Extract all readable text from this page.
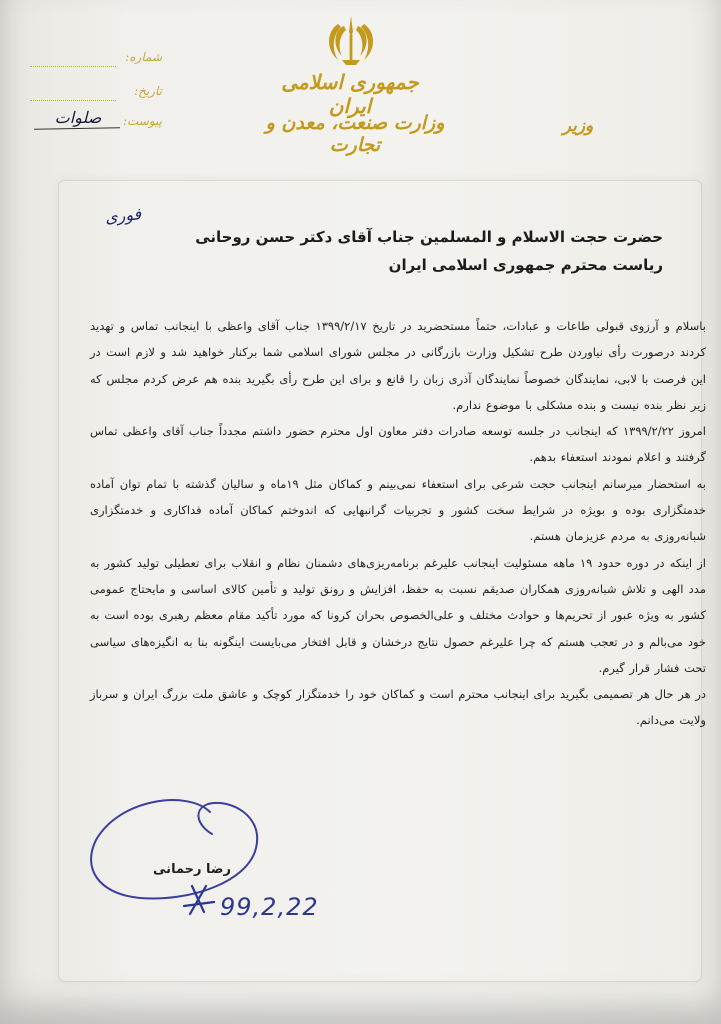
جمهوری اسلامی ایران
وزارت صنعت، معدن و تجارت
وزیر
شماره:
تاریخ:
پیوست:
صلوات
فوری
حضرت حجت الاسلام و المسلمین جناب آقای دکتر حسن روحانی
ریاست محترم جمهوری اسلامی ایران

باسلام و آرزوی قبولی طاعات و عبادات، حتماً مستحضرید در تاریخ ۱۳۹۹/۲/۱۷ جناب آقای واعظی با اینجانب تماس و تهدید کردند درصورت رأی نیاوردن طرح تشکیل وزارت بازرگانی در مجلس شورای اسلامی شما برکنار خواهید شد و لازم است در این فرصت با لابی، نمایندگان خصوصاً نمایندگان آذری زبان را قانع و برای این طرح رأی بگیرید بنده هم عرض کردم مجلس که زیر نظر بنده نیست و بنده مشکلی با موضوع ندارم.

امروز ۱۳۹۹/۲/۲۲ که اینجانب در جلسه توسعه صادرات دفتر معاون اول محترم حضور داشتم مجدداً جناب آقای واعظی تماس گرفتند و اعلام نمودند استعفاء بدهم.

به استحضار میرسانم اینجانب حجت شرعی برای استعفاء نمی‌بینم و کماکان مثل ۱۹ماه و سالیان گذشته با تمام توان آماده خدمتگزاری بوده و بویژه در شرایط سخت کشور و تجربیات گرانبهایی که اندوختم کماکان آماده فداکاری و خدمتگزاری شبانه‌روزی به مردم عزیزمان هستم.

از اینکه در دوره حدود ۱۹ ماهه مسئولیت اینجانب علیرغم برنامه‌ریزی‌های دشمنان نظام و انقلاب برای تعطیلی تولید کشور به مدد الهی و تلاش شبانه‌روزی همکاران صدیقم نسبت به حفظ، افزایش و رونق تولید و تأمین کالای اساسی و مایحتاج عمومی کشور به ویژه عبور از تحریم‌ها و حوادث مختلف و علی‌الخصوص بحران کرونا که مورد تأکید مقام معظم رهبری بوده است به خود می‌بالم و در تعجب هستم که چرا علیرغم حصول نتایج درخشان و قابل افتخار می‌بایست اینگونه بنا به انگیزه‌های سیاسی تحت فشار قرار گیرم.

در هر حال هر تصمیمی بگیرید برای اینجانب محترم است و کماکان خود را خدمتگزار کوچک و عاشق ملت بزرگ ایران و سرباز ولایت می‌دانم.

رضا رحمانی
99,2,22
